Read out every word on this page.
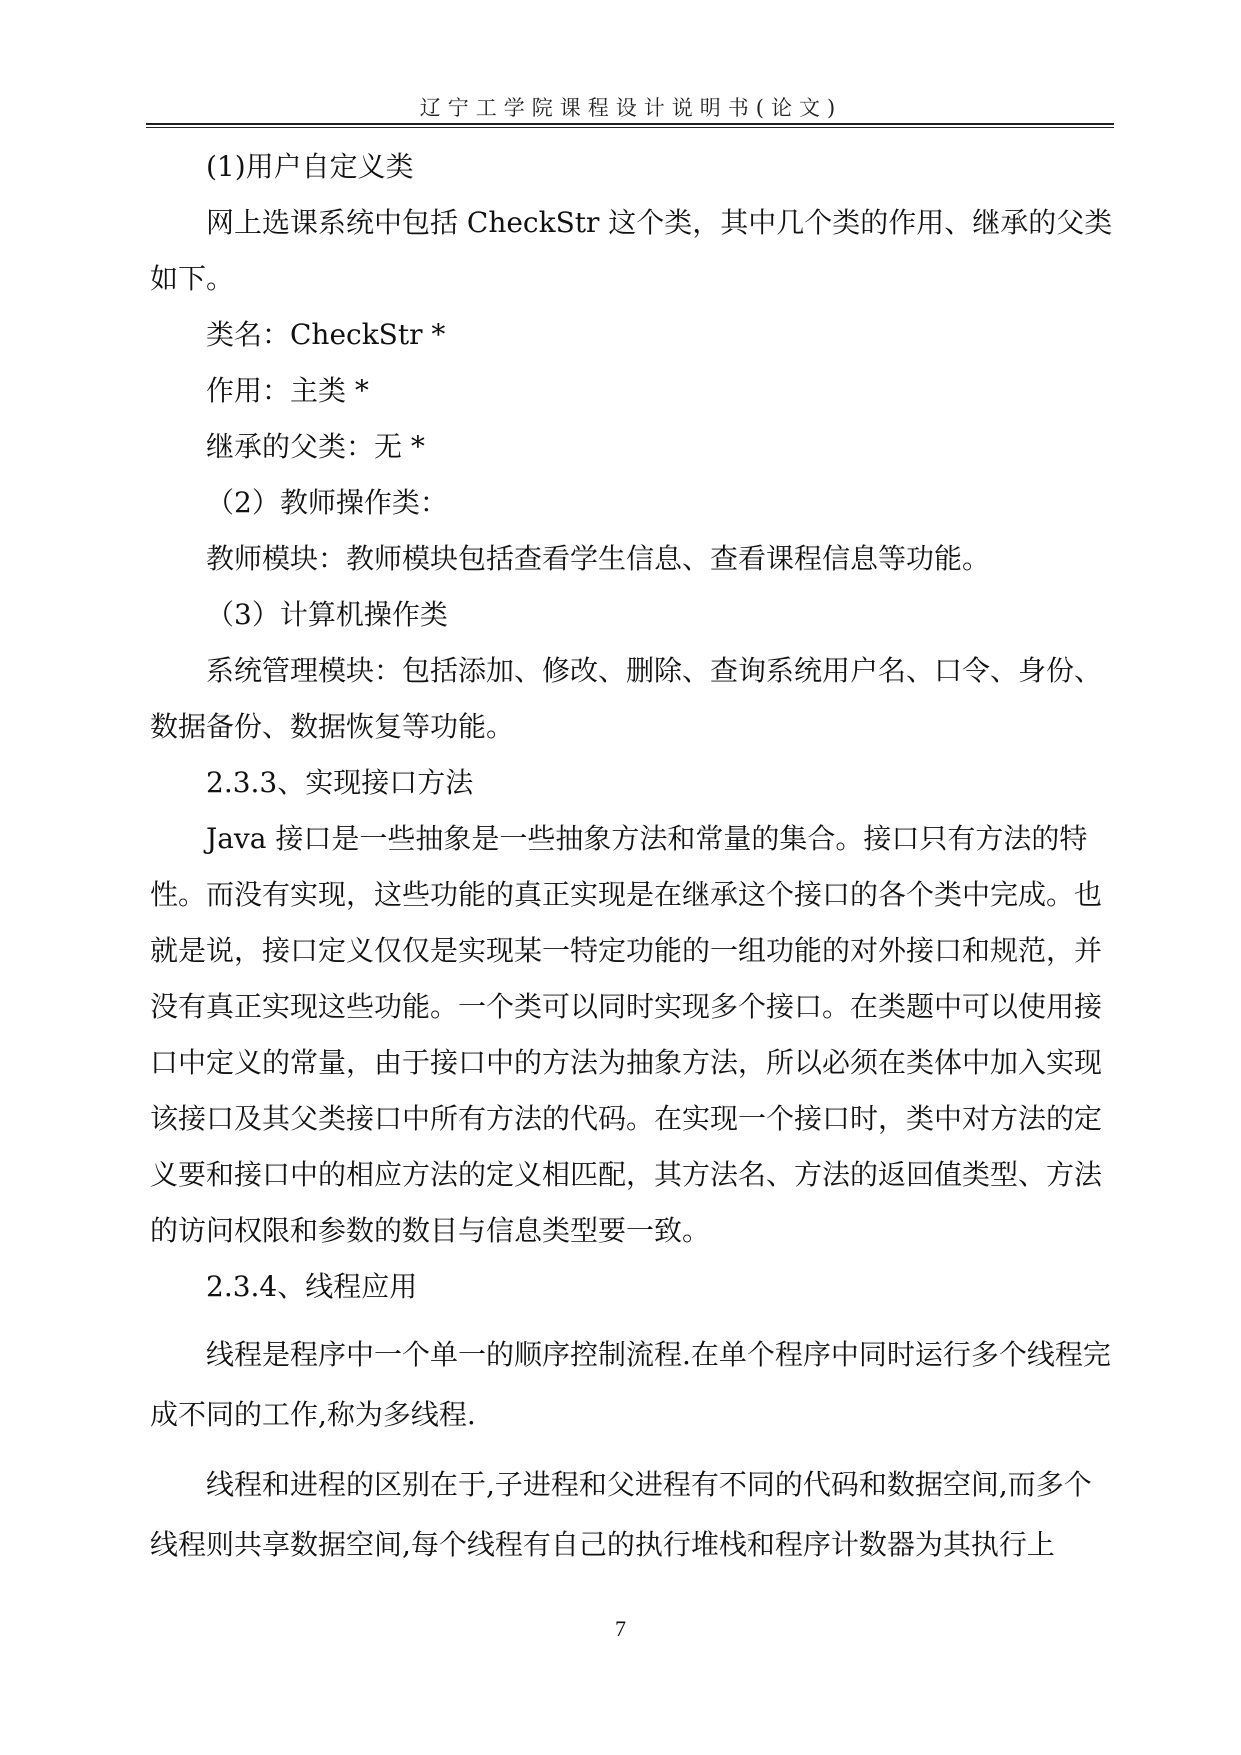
辽宁工学院课程设计说明书(论文)

(1)用户自定义类

网上选课系统中包括 CheckStr 这个类，其中几个类的作用、继承的父类如下。

类名：CheckStr *

作用：主类 *

继承的父类：无 *

（2）教师操作类：

教师模块：教师模块包括查看学生信息、查看课程信息等功能。

（3）计算机操作类

系统管理模块：包括添加、修改、删除、查询系统用户名、口令、身份、数据备份、数据恢复等功能。

2.3.3、实现接口方法

Java 接口是一些抽象是一些抽象方法和常量的集合。接口只有方法的特性。而没有实现，这些功能的真正实现是在继承这个接口的各个类中完成。也就是说，接口定义仅仅是实现某一特定功能的一组功能的对外接口和规范，并没有真正实现这些功能。一个类可以同时实现多个接口。在类题中可以使用接口中定义的常量，由于接口中的方法为抽象方法，所以必须在类体中加入实现该接口及其父类接口中所有方法的代码。在实现一个接口时，类中对方法的定义要和接口中的相应方法的定义相匹配，其方法名、方法的返回值类型、方法的访问权限和参数的数目与信息类型要一致。

2.3.4、线程应用

线程是程序中一个单一的顺序控制流程.在单个程序中同时运行多个线程完成不同的工作,称为多线程.

线程和进程的区别在于,子进程和父进程有不同的代码和数据空间,而多个线程则共享数据空间,每个线程有自己的执行堆栈和程序计数器为其执行上

7
